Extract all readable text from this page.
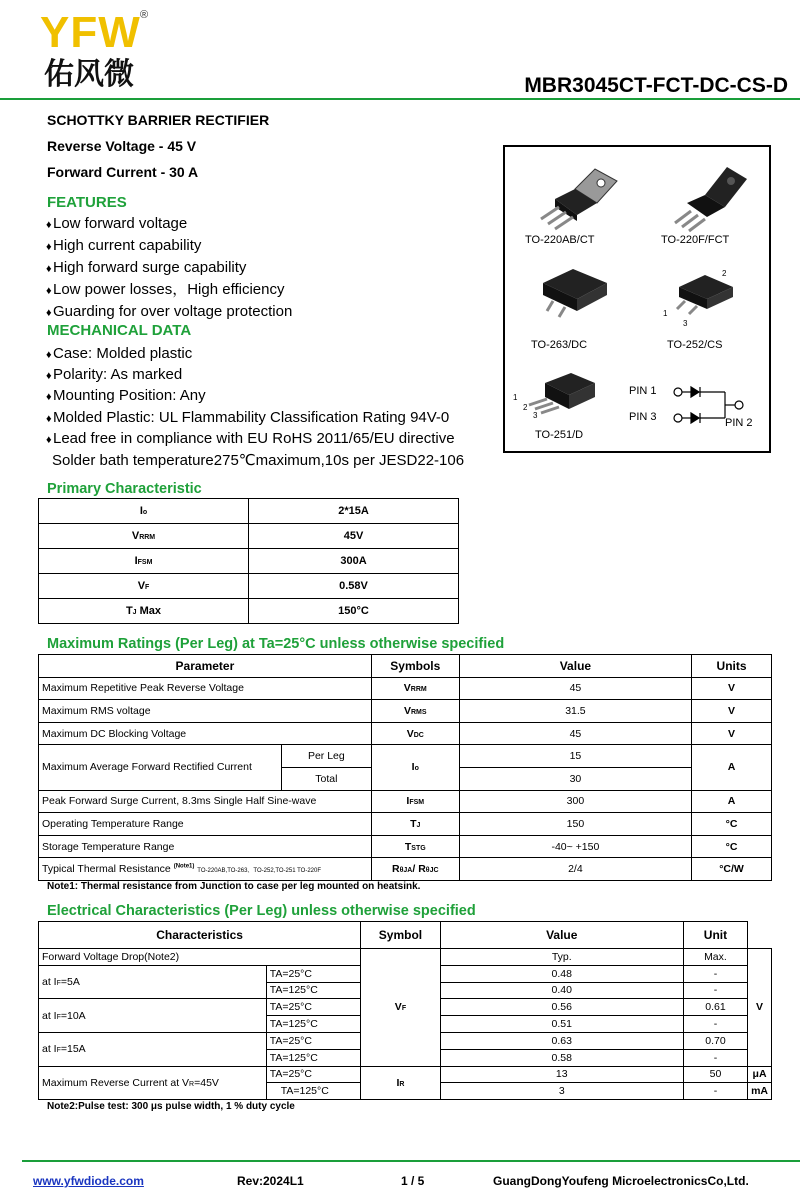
YFW ®
佑风微	MBR3045CT-FCT-DC-CS-D
SCHOTTKY BARRIER RECTIFIER
Reverse Voltage - 45 V
Forward Current - 30 A
FEATURES
MECHANICAL DATA
Solder bath temperature275℃maximum,10s per JESD22-106
TO-220AB/CT	TO-220F/FCT
TO-263/DC	TO-252/CS
TO-251/D
PIN 1
PIN 3	PIN 2
2
1
3
1
2
3
Primary Characteristic
Io	2*15A
VRRM	45V
IFSM	300A
VF	0.58V
TJ Max	150°C
Maximum Ratings (Per Leg) at Ta=25°C unless otherwise specified
Parameter		Symbols	Value	Units
Maximum Repetitive Peak Reverse Voltage		VRRM	45	V
Maximum RMS voltage		VRMS	31.5	V
Maximum DC Blocking Voltage		VDC	45	V
Maximum Average Forward Rectified Current	Per Leg	Io	15	A
	Total		30	
Peak Forward Surge Current, 8.3ms Single Half Sine-wave		IFSM	300	A
Operating Temperature Range		TJ	150	°C
Storage Temperature Range		TSTG	-40~ +150	°C
Typical Thermal Resistance $^{(Note1)}$ TO-220AB,TO-263、TO-252,TO-251 TO-220F		RθJA/ RθJC	2/4	°C/W
Note1: Thermal resistance from Junction to case per leg mounted on heatsink.
Electrical Characteristics (Per Leg) unless otherwise specified
Characteristics		Symbol	Value	Unit	
Forward Voltage Drop(Note2)		VF	Typ.	Max.	V
at IF=5A	TA=25°C		0.48	-	
	TA=125°C		0.40	-	
at IF=10A	TA=25°C		0.56	0.61	
	TA=125°C		0.51	-	
at IF=15A	TA=25°C		0.63	0.70	
	TA=125°C		0.58	-	
Maximum Reverse Current at VR=45V	TA=25°C	IR	13	50	μA
	TA=125°C		3	-	mA
Note2:Pulse test: 300 μs pulse width, 1 % duty cycle
www.yfwdiode.com	Rev:2024L1	1 / 5	GuangDongYoufeng MicroelectronicsCo,Ltd.
♦Low forward voltage
♦High current capability
♦High forward surge capability
♦Low power losses，High efficiency
♦Guarding for over voltage protection
♦Case: Molded plastic
♦Polarity: As marked
♦Mounting Position: Any
♦Molded Plastic: UL Flammability Classification Rating 94V-0
♦Lead free in compliance with EU RoHS 2011/65/EU directive
